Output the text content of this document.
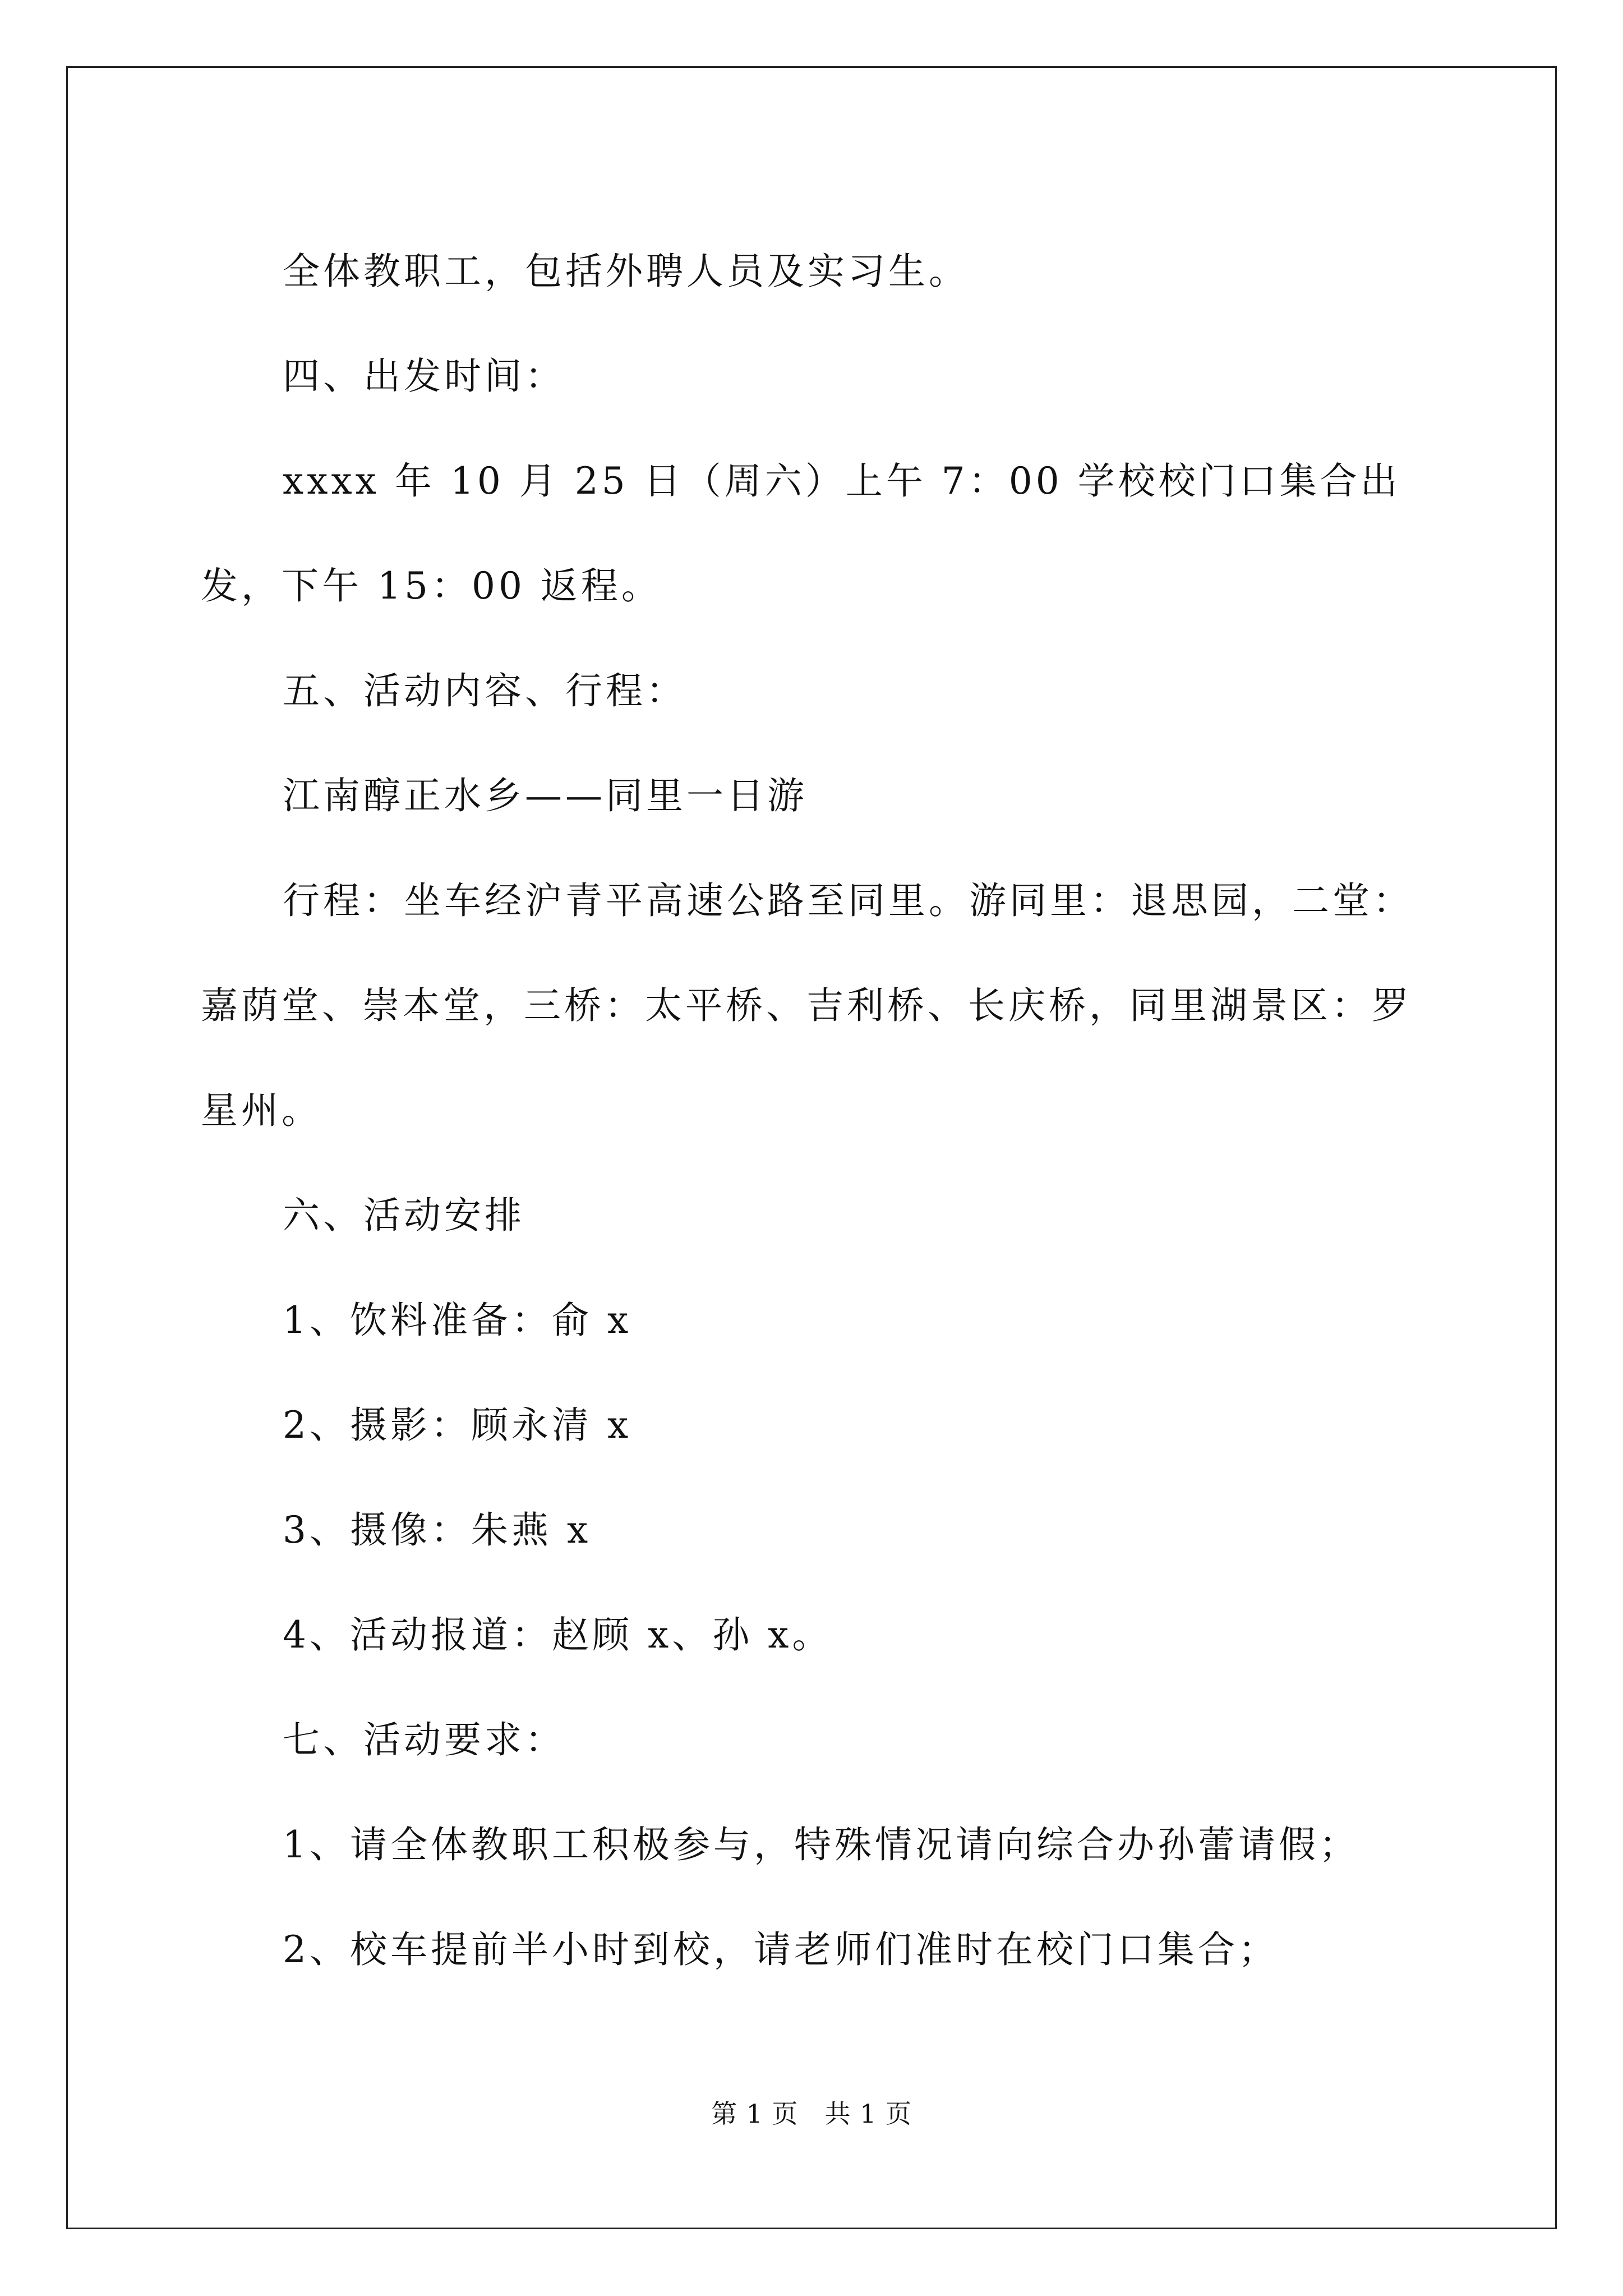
全体教职工，包括外聘人员及实习生。

四、出发时间：

xxxx 年 10 月 25 日（周六）上午 7：00 学校校门口集合出发，下午 15：00 返程。

五、活动内容、行程：

江南醇正水乡——同里一日游

行程：坐车经沪青平高速公路至同里。游同里：退思园，二堂：嘉荫堂、崇本堂，三桥：太平桥、吉利桥、长庆桥，同里湖景区：罗星州。

六、活动安排

1、饮料准备：俞 x

2、摄影：顾永清 x

3、摄像：朱燕 x

4、活动报道：赵顾 x、孙 x。

七、活动要求：

1、请全体教职工积极参与，特殊情况请向综合办孙蕾请假；

2、校车提前半小时到校，请老师们准时在校门口集合；

第 1 页　共 1 页
